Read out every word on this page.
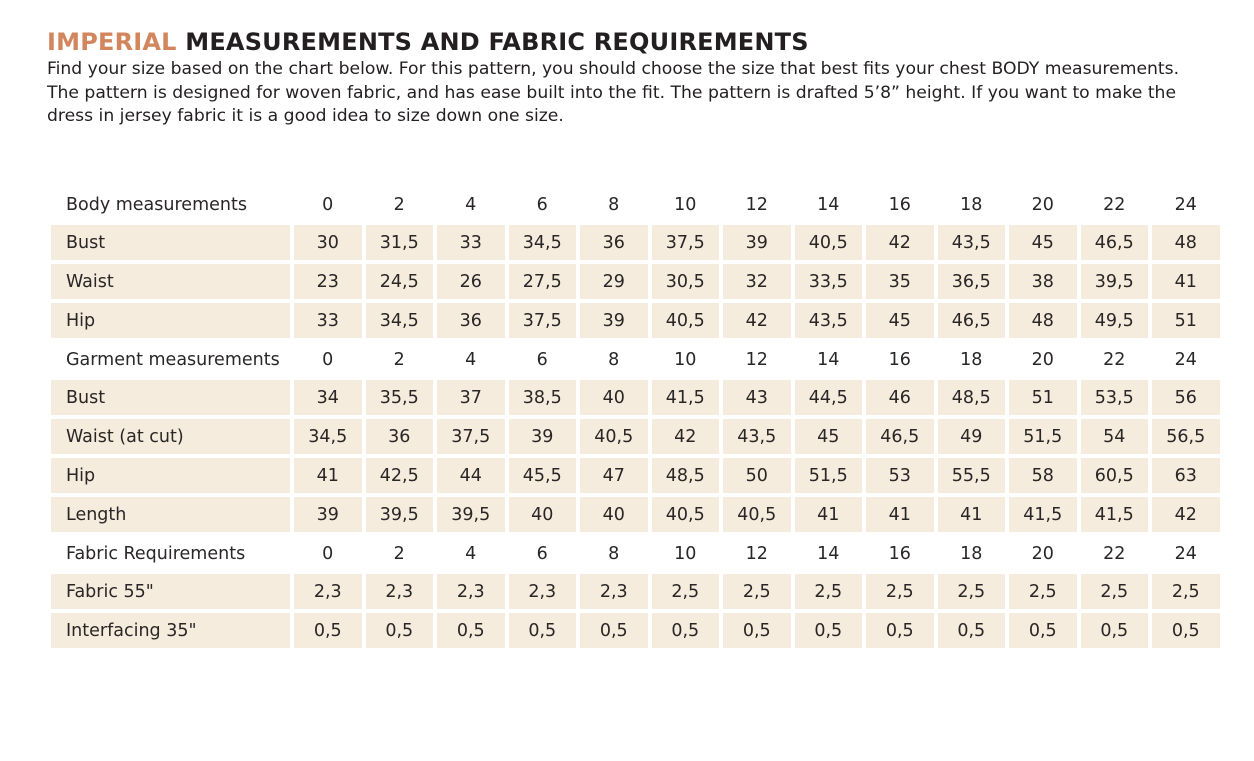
IMPERIAL MEASUREMENTS AND FABRIC REQUIREMENTS

Find your size based on the chart below. For this pattern, you should choose the size that best fits your chest BODY measurements.
The pattern is designed for woven fabric, and has ease built into the fit. The pattern is drafted 5’8” height. If you want to make the
dress in jersey fabric it is a good idea to size down one size.

Body measurements	0	2	4	6	8	10	12	14	16	18	20	22	24
Bust	30	31,5	33	34,5	36	37,5	39	40,5	42	43,5	45	46,5	48
Waist	23	24,5	26	27,5	29	30,5	32	33,5	35	36,5	38	39,5	41
Hip	33	34,5	36	37,5	39	40,5	42	43,5	45	46,5	48	49,5	51
Garment measurements	0	2	4	6	8	10	12	14	16	18	20	22	24
Bust	34	35,5	37	38,5	40	41,5	43	44,5	46	48,5	51	53,5	56
Waist (at cut)	34,5	36	37,5	39	40,5	42	43,5	45	46,5	49	51,5	54	56,5
Hip	41	42,5	44	45,5	47	48,5	50	51,5	53	55,5	58	60,5	63
Length	39	39,5	39,5	40	40	40,5	40,5	41	41	41	41,5	41,5	42
Fabric Requirements	0	2	4	6	8	10	12	14	16	18	20	22	24
Fabric 55"	2,3	2,3	2,3	2,3	2,3	2,5	2,5	2,5	2,5	2,5	2,5	2,5	2,5
Interfacing 35"	0,5	0,5	0,5	0,5	0,5	0,5	0,5	0,5	0,5	0,5	0,5	0,5	0,5
